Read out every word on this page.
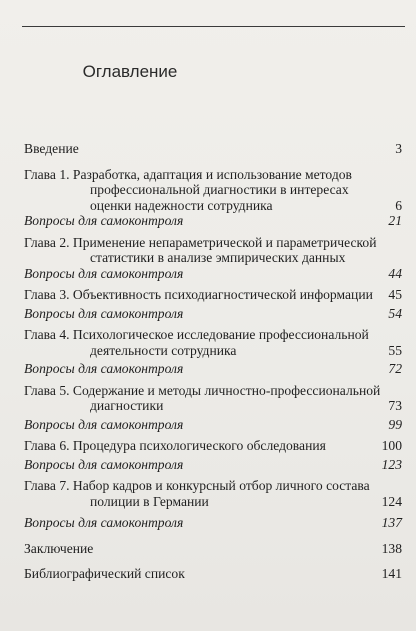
Оглавление
Введение	3
Глава 1. Разработка, адаптация и использование методов профессиональной диагностики в интересах оценки надежности сотрудника	6
Вопросы для самоконтроля	21
Глава 2. Применение непараметрической и параметрической статистики в анализе эмпирических данных
Вопросы для самоконтроля	44
Глава 3. Объективность психодиагностической информации	45
Вопросы для самоконтроля	54
Глава 4. Психологическое исследование профессиональной деятельности сотрудника	55
Вопросы для самоконтроля	72
Глава 5. Содержание и методы личностно-профессиональной диагностики	73
Вопросы для самоконтроля	99
Глава 6. Процедура психологического обследования	100
Вопросы для самоконтроля	123
Глава 7. Набор кадров и конкурсный отбор личного состава полиции в Германии	124
Вопросы для самоконтроля	137
Заключение	138
Библиографический список	141
